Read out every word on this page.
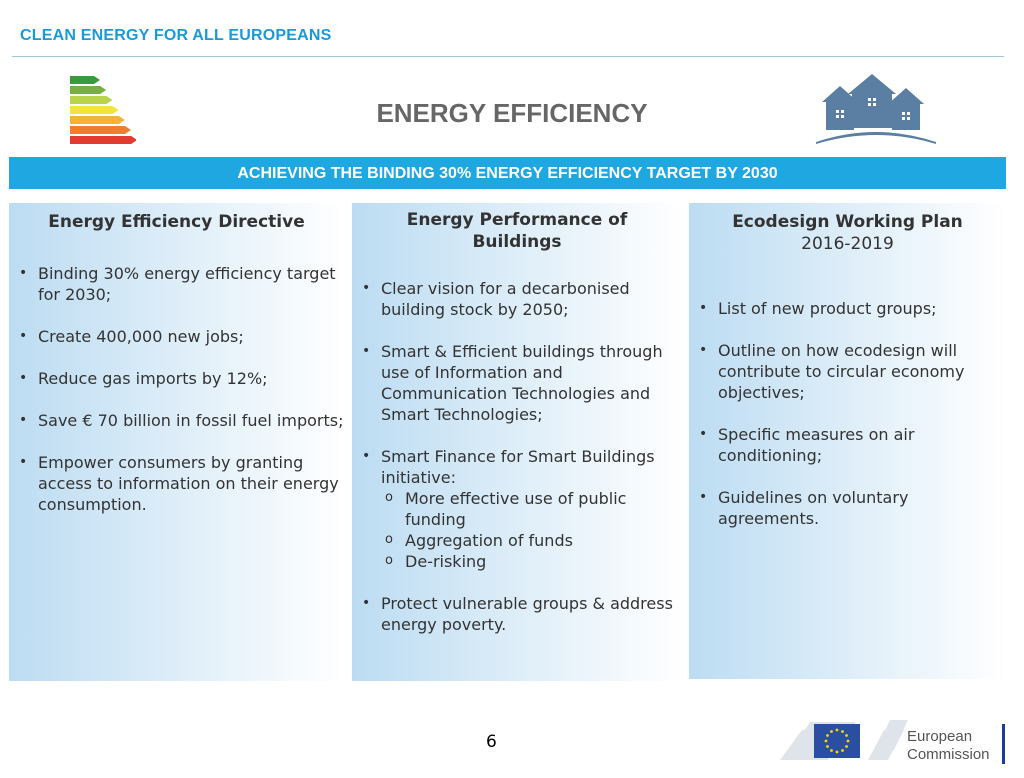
CLEAN ENERGY FOR ALL EUROPEANS
ENERGY EFFICIENCY
ACHIEVING THE BINDING 30% ENERGY EFFICIENCY TARGET BY 2030
Energy Efficiency Directive
• Binding 30% energy efficiency target for 2030;
• Create 400,000 new jobs;
• Reduce gas imports by 12%;
• Save € 70 billion in fossil fuel imports;
• Empower consumers by granting access to information on their energy consumption.
Energy Performance of Buildings
• Clear vision for a decarbonised building stock by 2050;
• Smart & Efficient buildings through use of Information and Communication Technologies and Smart Technologies;
• Smart Finance for Smart Buildings initiative:
o More effective use of public funding
o Aggregation of funds
o De-risking
• Protect vulnerable groups & address energy poverty.
Ecodesign Working Plan
2016-2019
• List of new product groups;
• Outline on how ecodesign will contribute to circular economy objectives;
• Specific measures on air conditioning;
• Guidelines on voluntary agreements.
6	European
Commission
